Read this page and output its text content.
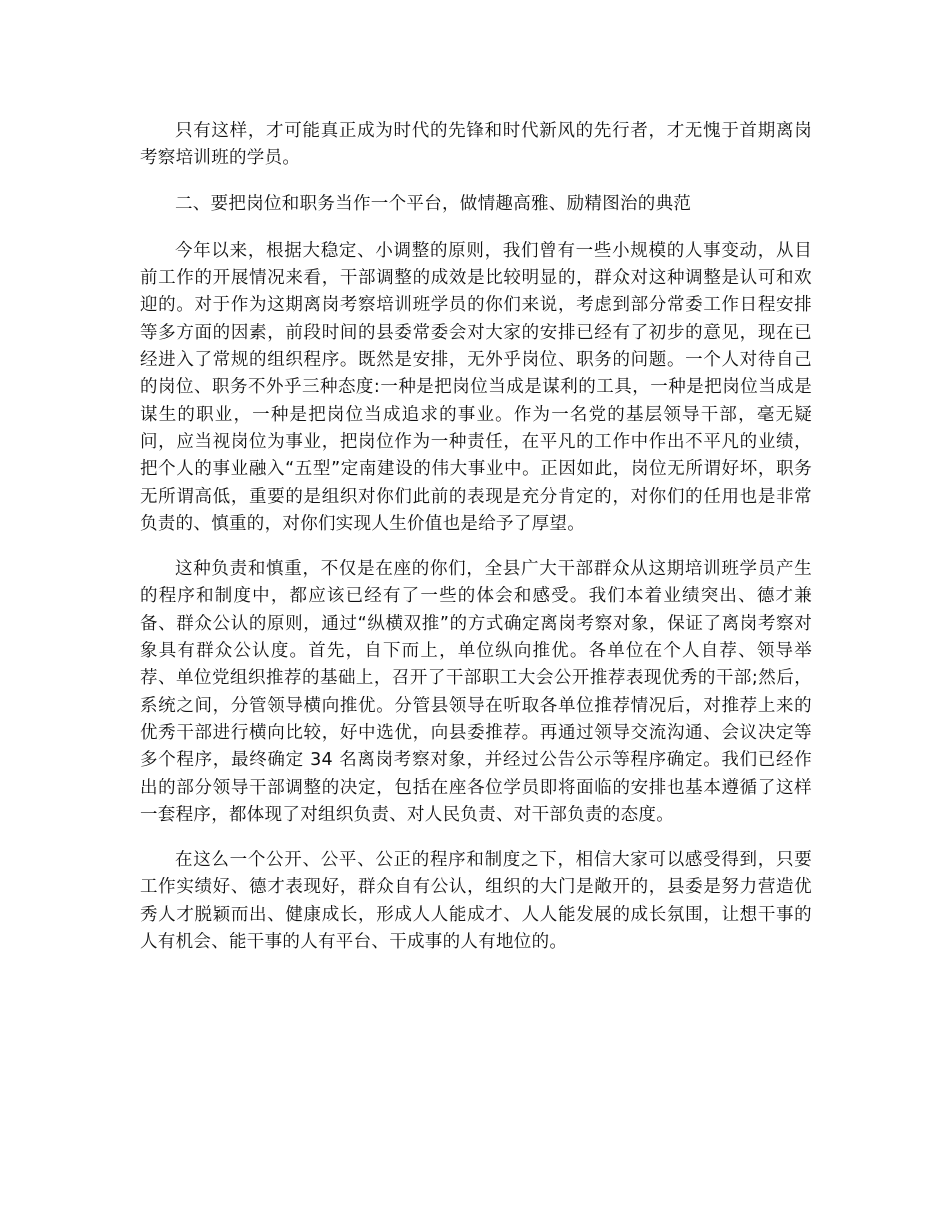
只有这样，才可能真正成为时代的先锋和时代新风的先行者，才无愧于首期离岗考察培训班的学员。

二、要把岗位和职务当作一个平台，做情趣高雅、励精图治的典范

今年以来，根据大稳定、小调整的原则，我们曾有一些小规模的人事变动，从目前工作的开展情况来看，干部调整的成效是比较明显的，群众对这种调整是认可和欢迎的。对于作为这期离岗考察培训班学员的你们来说，考虑到部分常委工作日程安排等多方面的因素，前段时间的县委常委会对大家的安排已经有了初步的意见，现在已经进入了常规的组织程序。既然是安排，无外乎岗位、职务的问题。一个人对待自己的岗位、职务不外乎三种态度:一种是把岗位当成是谋利的工具，一种是把岗位当成是谋生的职业，一种是把岗位当成追求的事业。作为一名党的基层领导干部，毫无疑问，应当视岗位为事业，把岗位作为一种责任，在平凡的工作中作出不平凡的业绩，把个人的事业融入“五型”定南建设的伟大事业中。正因如此，岗位无所谓好坏，职务无所谓高低，重要的是组织对你们此前的表现是充分肯定的，对你们的任用也是非常负责的、慎重的，对你们实现人生价值也是给予了厚望。

这种负责和慎重，不仅是在座的你们，全县广大干部群众从这期培训班学员产生的程序和制度中，都应该已经有了一些的体会和感受。我们本着业绩突出、德才兼备、群众公认的原则，通过“纵横双推”的方式确定离岗考察对象，保证了离岗考察对象具有群众公认度。首先，自下而上，单位纵向推优。各单位在个人自荐、领导举荐、单位党组织推荐的基础上，召开了干部职工大会公开推荐表现优秀的干部;然后，系统之间，分管领导横向推优。分管县领导在听取各单位推荐情况后，对推荐上来的优秀干部进行横向比较，好中选优，向县委推荐。再通过领导交流沟通、会议决定等多个程序，最终确定 34 名离岗考察对象，并经过公告公示等程序确定。我们已经作出的部分领导干部调整的决定，包括在座各位学员即将面临的安排也基本遵循了这样一套程序，都体现了对组织负责、对人民负责、对干部负责的态度。

在这么一个公开、公平、公正的程序和制度之下，相信大家可以感受得到，只要工作实绩好、德才表现好，群众自有公认，组织的大门是敞开的，县委是努力营造优秀人才脱颖而出、健康成长，形成人人能成才、人人能发展的成长氛围，让想干事的人有机会、能干事的人有平台、干成事的人有地位的。
